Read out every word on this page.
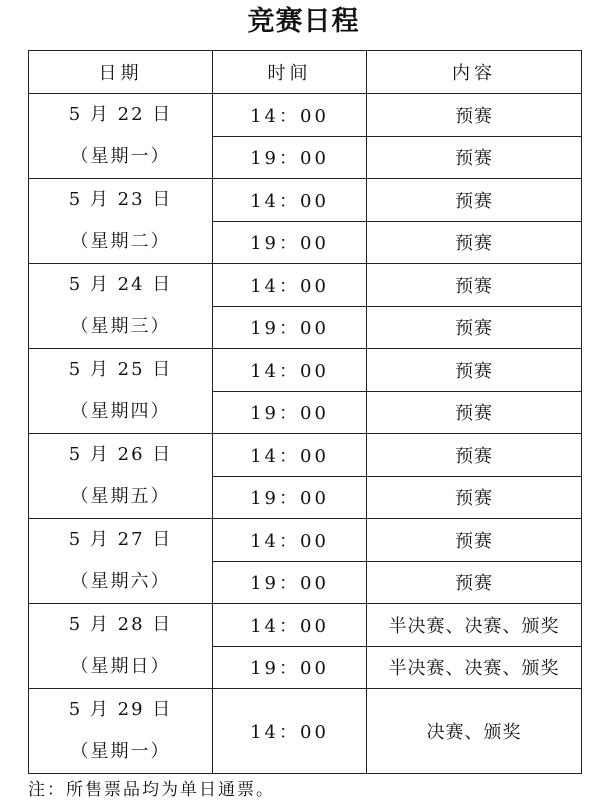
竞赛日程
日期	时间	内容

5 月 22 日
（星期一）	14：00	预赛
	19：00	预赛

5 月 23 日
（星期二）	14：00	预赛
	19：00	预赛

5 月 24 日
（星期三）	14：00	预赛
	19：00	预赛

5 月 25 日
（星期四）	14：00	预赛
	19：00	预赛

5 月 26 日
（星期五）	14：00	预赛
	19：00	预赛

5 月 27 日
（星期六）	14：00	预赛
	19：00	预赛

5 月 28 日
（星期日）	14：00	半决赛、决赛、颁奖
	19：00	半决赛、决赛、颁奖

5 月 29 日
（星期一）	14：00	决赛、颁奖
注：所售票品均为单日通票。
